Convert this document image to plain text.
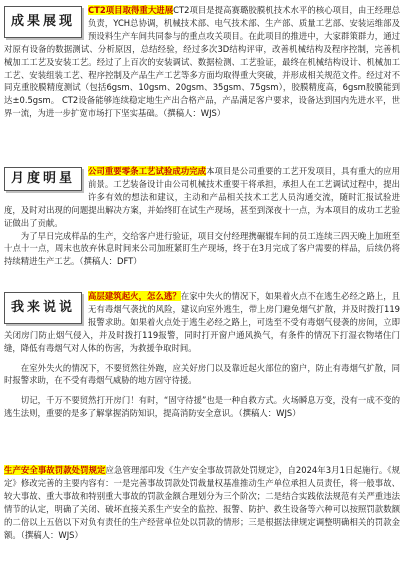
成果展现

CT2项目取得重大进展CT2项目是提高赛璐胶膜机技术水平的核心项目，由王经理总负责，YCH总协调，机械技术部、电气技术部、生产部、质量工艺部、安装运维部及预设料生产车间共同参与的重点攻关项目。在此项目的推进中，大家群策群力，通过对原有设备的数据测试、分析原因，总结经验，经过多次3D结构评审，改善机械结构及程序控制，完善机械加工工艺及安装工艺。经过了上百次的安装调试、数据检测、工艺验证，最终在机械结构设计、机械加工工艺、安装组装工艺、程序控制及产品生产工艺等多方面均取得重大突破，并形成相关规范文件。经过对不同克重胶膜精度测试（包括6gsm、10gsm、20gsm、35gsm、75gsm），胶膜精度高，6gsm胶膜能到达±0.5gsm。 CT2设备能够连续稳定地生产出合格产品，产品满足客户要求，设备达到国内先进水平，世界一流，为进一步扩宽市场打下坚实基础。（撰稿人：WJS）

月度明星	公司重要零条工艺试验成功完成本项目是公司重要的工艺开发项目，具有重大的应用前景。工艺装备设计由公司机械技术重要干将承担，承担人在工艺调试过程中，提出许多有效的想法和建议，主动和产品相关技术工艺人员沟通交流，随时汇报试验进度，及时对出现的问题提出解决方案，并始终盯在试生产现场，甚至到深夜十一点，为本项目的成功工艺验证做出了贡献。

为了早日完成样品的生产，交给客户进行验证，项目交付经理携碾辊车间的员工连续三四天晚上加班至十点十一点，周末也放弃休息时间来公司加班紧盯生产现场，终于在3月完成了客户需要的样品，后续仍将持续精进生产工艺。（撰稿人：DFT）

我来说说

高层建筑起火，怎么逃？在家中失火的情况下，如果着火点不在逃生必经之路上，且无有毒烟气袭扰的风险，建议向室外逃生，带上房门避免烟气扩散，并及时拨打119报警求助。如果着火点处于逃生必经之路上，可选至不受有毒烟气侵袭的房间，立即关闭房门防止烟气侵入，并及时拨打119报警，同时打开窗户通风换气，有条件的情况下打湿衣物堵住门缝，降低有毒烟气对人体的伤害，为救援争取时间。

在室外失火的情况下，不要贸然往外跑，应关好房门以及靠近起火部位的窗户，防止有毒烟气扩散，同时报警求助，在不受有毒烟气威胁的地方固守待援。

切记，千万不要贸然打开房门！有时，“固守待援”也是一种自救方式。火场瞬息万变，没有一成不变的逃生法则，重要的是多了解掌握消防知识，提高消防安全意识。（撰稿人：WJS）

生产安全事故罚款处罚规定应急管理部印发《生产安全事故罚款处罚规定》，自2024年3月1日起施行。《规定》修改完善的主要内容有：一是完善事故罚款处罚裁量权基准推动生产单位承担人员责任，将一般事故、较大事故、重大事故和特别重大事故的罚款金额合理划分为三个阶次；二是结合实践依法规范有关严重违法情节的认定，明确了关闭、破坏直接关系生产安全的监控、报警、防护、救生设备等六种可以按照罚款数额的二倍以上五倍以下对负有责任的生产经营单位处以罚款的情形；三是根据法律规定调整明确相关的罚款金额。（撰稿人：WJS）
